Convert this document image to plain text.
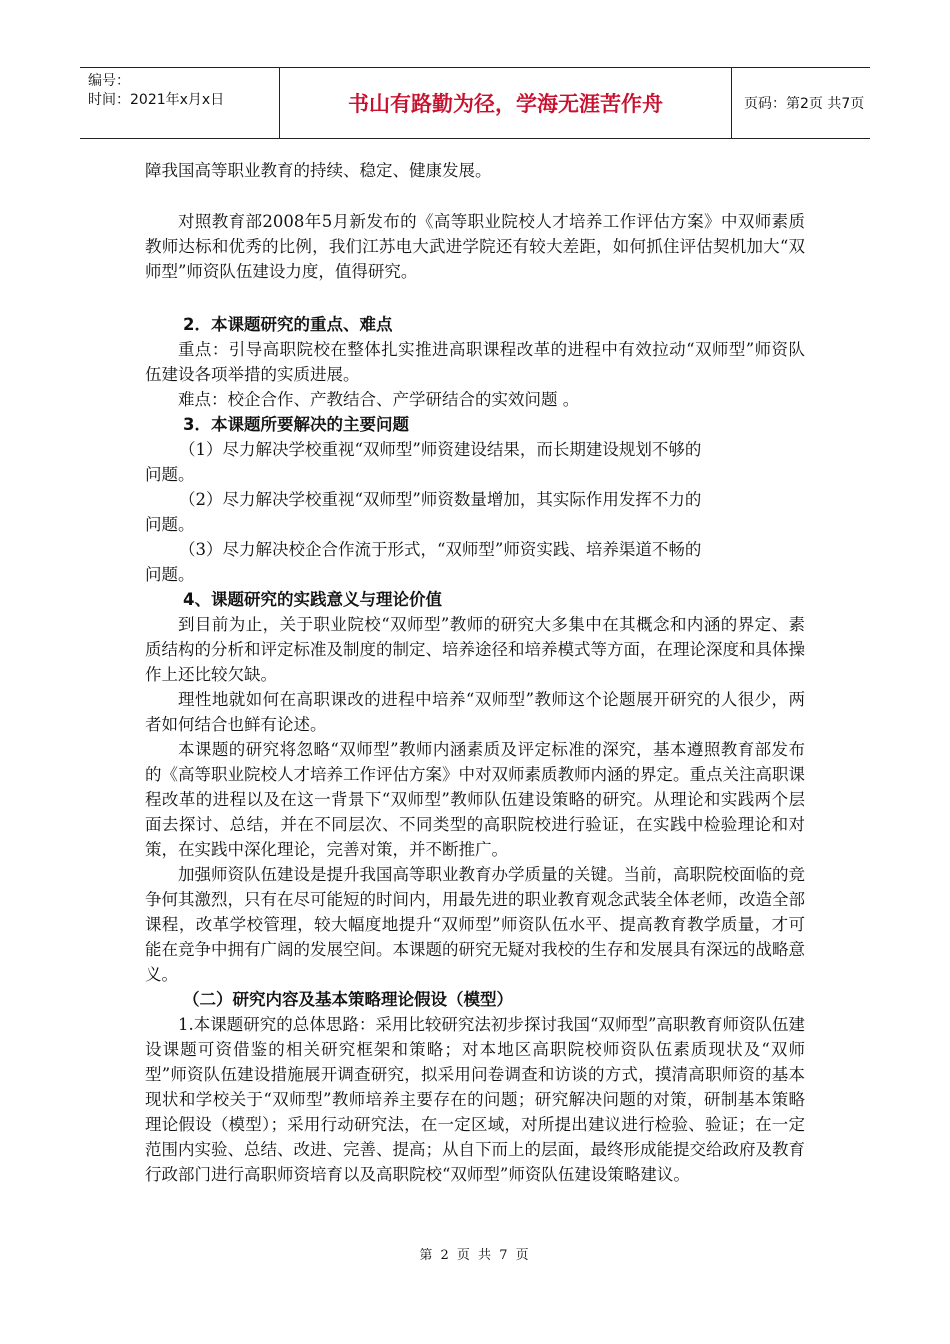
编号：
时间：2021年x月x日	书山有路勤为径，学海无涯苦作舟	页码：第2页 共7页

障我国高等职业教育的持续、稳定、健康发展。

对照教育部2008年5月新发布的《高等职业院校人才培养工作评估方案》中双师素质教师达标和优秀的比例，我们江苏电大武进学院还有较大差距，如何抓住评估契机加大“双师型”师资队伍建设力度，值得研究。

2．本课题研究的重点、难点

重点：引导高职院校在整体扎实推进高职课程改革的进程中有效拉动“双师型”师资队伍建设各项举措的实质进展。

难点：校企合作、产教结合、产学研结合的实效问题 。

3．本课题所要解决的主要问题

（1）尽力解决学校重视“双师型”师资建设结果，而长期建设规划不够的

问题。

（2）尽力解决学校重视“双师型”师资数量增加，其实际作用发挥不力的

问题。

（3）尽力解决校企合作流于形式，“双师型”师资实践、培养渠道不畅的

问题。

4、课题研究的实践意义与理论价值

到目前为止，关于职业院校“双师型”教师的研究大多集中在其概念和内涵的界定、素质结构的分析和评定标准及制度的制定、培养途径和培养模式等方面，在理论深度和具体操作上还比较欠缺。

理性地就如何在高职课改的进程中培养“双师型”教师这个论题展开研究的人很少，两者如何结合也鲜有论述。

本课题的研究将忽略“双师型”教师内涵素质及评定标准的深究，基本遵照教育部发布的《高等职业院校人才培养工作评估方案》中对双师素质教师内涵的界定。重点关注高职课程改革的进程以及在这一背景下“双师型”教师队伍建设策略的研究。从理论和实践两个层面去探讨、总结，并在不同层次、不同类型的高职院校进行验证，在实践中检验理论和对策，在实践中深化理论，完善对策，并不断推广。

加强师资队伍建设是提升我国高等职业教育办学质量的关键。当前，高职院校面临的竞争何其激烈，只有在尽可能短的时间内，用最先进的职业教育观念武装全体老师，改造全部课程，改革学校管理，较大幅度地提升“双师型”师资队伍水平、提高教育教学质量，才可能在竞争中拥有广阔的发展空间。本课题的研究无疑对我校的生存和发展具有深远的战略意义。

（二）研究内容及基本策略理论假设（模型）

1.本课题研究的总体思路：采用比较研究法初步探讨我国“双师型”高职教育师资队伍建设课题可资借鉴的相关研究框架和策略；对本地区高职院校师资队伍素质现状及“双师型”师资队伍建设措施展开调查研究，拟采用问卷调查和访谈的方式，摸清高职师资的基本现状和学校关于“双师型”教师培养主要存在的问题；研究解决问题的对策，研制基本策略理论假设（模型）；采用行动研究法，在一定区域，对所提出建议进行检验、验证；在一定范围内实验、总结、改进、完善、提高；从自下而上的层面，最终形成能提交给政府及教育行政部门进行高职师资培育以及高职院校“双师型”师资队伍建设策略建议。

第 2 页 共 7 页
